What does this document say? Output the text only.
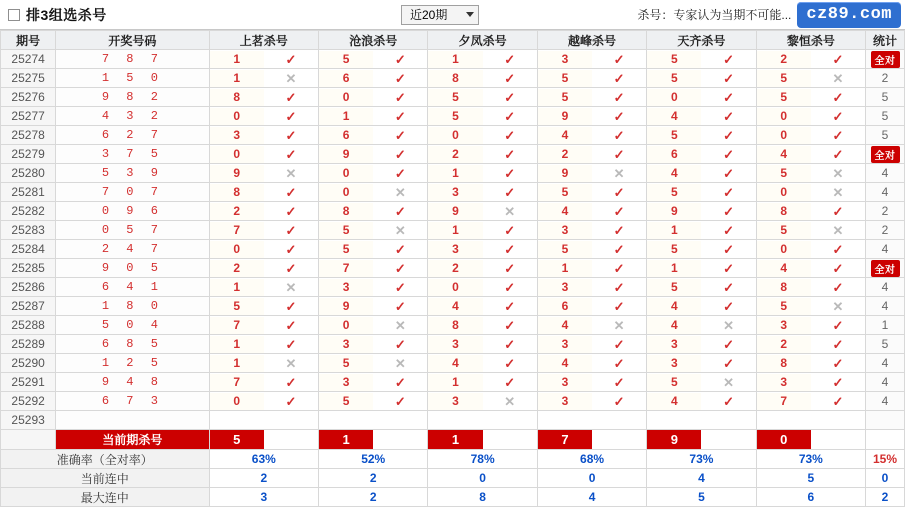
排3组选杀号	近20期	杀号：专家认为当期不可能... cz89.com
期号	开奖号码	上茗杀号	沧浪杀号	夕凤杀号	越峰杀号	天齐杀号	黎恒杀号	统计
25274	7 8 7	1	✓	5	✓	1	✓	3	✓	5	✓	2	✓	全对
25275	1 5 0	1	✕	6	✓	8	✓	5	✓	5	✓	5	✕	2
25276	9 8 2	8	✓	0	✓	5	✓	5	✓	0	✓	5	✓	5
25277	4 3 2	0	✓	1	✓	5	✓	9	✓	4	✓	0	✓	5
25278	6 2 7	3	✓	6	✓	0	✓	4	✓	5	✓	0	✓	5
25279	3 7 5	0	✓	9	✓	2	✓	2	✓	6	✓	4	✓	全对
25280	5 3 9	9	✕	0	✓	1	✓	9	✕	4	✓	5	✕	4
25281	7 0 7	8	✓	0	✕	3	✓	5	✓	5	✓	0	✕	4
25282	0 9 6	2	✓	8	✓	9	✕	4	✓	9	✓	8	✓	2
25283	0 5 7	7	✓	5	✕	1	✓	3	✓	1	✓	5	✕	2
25284	2 4 7	0	✓	5	✓	3	✓	5	✓	5	✓	0	✓	4
25285	9 0 5	2	✓	7	✓	2	✓	1	✓	1	✓	4	✓	全对
25286	6 4 1	1	✕	3	✓	0	✓	3	✓	5	✓	8	✓	4
25287	1 8 0	5	✓	9	✓	4	✓	6	✓	4	✓	5	✕	4
25288	5 0 4	7	✓	0	✕	8	✓	4	✕	4	✕	3	✓	1
25289	6 8 5	1	✓	3	✓	3	✓	3	✓	3	✓	2	✓	5
25290	1 2 5	1	✕	5	✕	4	✓	4	✓	3	✓	8	✓	4
25291	9 4 8	7	✓	3	✓	1	✓	3	✓	5	✕	3	✓	4
25292	6 7 3	0	✓	5	✓	3	✕	3	✓	4	✓	7	✓	4
25293								
	当前期杀号	5	1	1	7	9	0	

准确率（全对率）		63%	52%	78%	68%	73%	73%	15%
当前连中		2	2	0	0	4	5	0
最大连中		3	2	8	4	5	6	2
